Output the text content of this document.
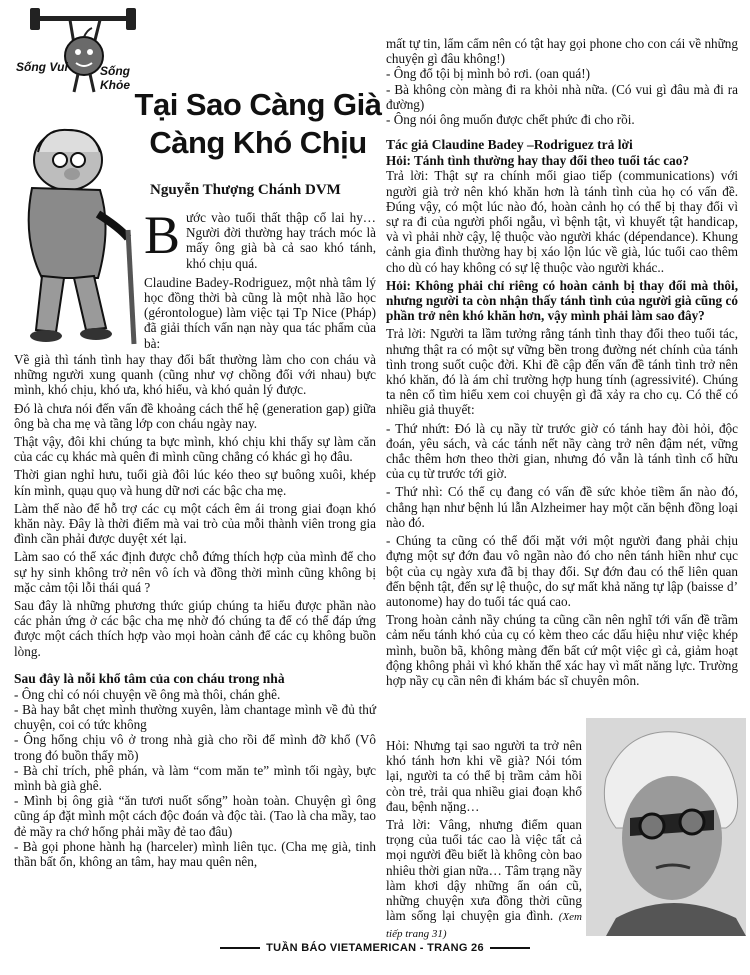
Sống Vui	Sống Khỏe
Tại Sao Càng Già
Càng Khó Chịu
Nguyễn Thượng Chánh DVM

Bước vào tuổi thất thập cổ lai hy…Người đời thường hay trách móc là mấy ông già bà cả sao khó tánh, khó chịu quá.

Claudine Badey-Rodriguez, một nhà tâm lý học đồng thời bà cũng là một nhà lão học (gérontologue) làm việc tại Tp Nice (Pháp) đã giải thích vấn nạn này qua tác phẩm của bà:

Về già thì tánh tình hay thay đổi bất thường làm cho con cháu và những người xung quanh (cũng như vợ chồng đối với nhau) bực mình, khó chịu, khó ưa, khó hiểu, và khó quản lý được.

Đó là chưa nói đến vấn đề khoảng cách thế hệ (generation gap) giữa ông bà cha mẹ và tầng lớp con cháu ngày nay.

Thật vậy, đôi khi chúng ta bực mình, khó chịu khi thấy sự làm căn của các cụ khác mà quên đi mình cũng chẳng có khác gì họ đâu.

Thời gian nghỉ hưu, tuổi già đôi lúc kéo theo sự buông xuôi, khép kín mình, quạu quọ và hung dữ nơi các bậc cha mẹ.

Làm thế nào để hỗ trợ các cụ một cách êm ái trong giai đoạn khó khăn này. Đây là thời điểm mà vai trò của mỗi thành viên trong gia đình cần phải được duyệt xét lại.

Làm sao có thể xác định được chỗ đứng thích hợp của mình để cho sự hy sinh không trở nên vô ích và đồng thời mình cũng không bị mặc cảm tội lỗi thái quá ?

Sau đây là những phương thức giúp chúng ta hiểu được phần nào các phản ứng ở các bậc cha mẹ nhờ đó chúng ta để có thể đáp ứng được một cách thích hợp vào mọi hoàn cảnh để các cụ không buồn lòng.

Sau đây là nỗi khổ tâm của con cháu trong nhà

- Ông chỉ có nói chuyện về ông mà thôi, chán ghê.

- Bà hay bắt chẹt mình thường xuyên, làm chantage mình về đủ thứ chuyện, coi có tức không

- Ông hổng chịu vô ở trong nhà già cho rồi để mình đỡ khổ (Vô trong đó buồn thấy mồ)

- Bà chỉ trích, phê phán, và làm “com măn te” mình tối ngày, bực mình bà già ghê.

- Mình bị ông già “ăn tươi nuốt sống” hoàn toàn. Chuyện gì ông cũng áp đặt mình một cách độc đoán và độc tài. (Tao là cha mầy, tao đẻ mầy ra chớ hổng phải mầy đẻ tao đâu)

- Bà gọi phone hành hạ (harceler) mình liên tục. (Cha mẹ già, tinh thần bất ổn, không an tâm, hay mau quên nên,

mất tự tin, lẩm cẩm nên có tật hay gọi phone cho con cái về những chuyện gì đâu không!)

- Ông đổ tội bị mình bỏ rơi. (oan quá!)

- Bà không còn màng đi ra khỏi nhà nữa. (Có vui gì đâu mà đi ra đường)

- Ông nói ông muốn được chết phức đi cho rồi.

Tác giả Claudine Badey –Rodriguez trả lời

Hỏi: Tánh tình thường hay thay đổi theo tuổi tác cao?

Trả lời: Thật sự ra chính mối giao tiếp (communications) với người già trở nên khó khăn hơn là tánh tình của họ có vấn đề. Đúng vậy, có một lúc nào đó, hoàn cảnh họ có thể bị thay đổi vì sự ra đi của người phối ngẫu, vì bệnh tật, vì khuyết tật handicap, và vì phải nhờ cậy, lệ thuộc vào người khác (dépendance). Khung cảnh gia đình thường hay bị xáo lộn lúc về già, lúc tuổi cao thêm cho dù có hay không có sự lệ thuộc vào người khác..

Hỏi: Không phải chỉ riêng có hoàn cảnh bị thay đổi mà thôi, nhưng người ta còn nhận thấy tánh tình của người già cũng có phần trở nên khó khăn hơn, vậy mình phải làm sao đây?

Trả lời: Người ta lầm tưởng rằng tánh tình thay đổi theo tuổi tác, nhưng thật ra có một sự vững bền trong đường nét chính của tánh tình trong suốt cuộc đời. Khi đề cập đến vấn đề tánh tình trở nên khó khăn, đó là ám chỉ trường hợp hung tính (agressivité). Chúng ta nên cố tìm hiểu xem coi chuyện gì đã xảy ra cho cụ. Có thể có nhiều giả thuyết:

- Thứ nhứt: Đó là cụ nầy từ trước giờ có tánh hay đòi hỏi, độc đoán, yêu sách, và các tánh nết nầy càng trở nên đậm nét, vững chắc thêm hơn theo thời gian, nhưng đó vẫn là tánh tình cố hữu của cụ từ trước tới giờ.

- Thứ nhì: Có thể cụ đang có vấn đề sức khỏe tiềm ẩn nào đó, chẳng hạn như bệnh lú lẫn Alzheimer hay một căn bệnh đồng loại nào đó.

- Chúng ta cũng có thể đối mặt với một người đang phải chịu đựng một sự đớn đau vô ngần nào đó cho nên tánh hiền như cục bột của cụ ngày xưa đã bị thay đổi. Sự đớn đau có thể liên quan đến bệnh tật, đến sự lệ thuộc, do sự mất khả năng tự lập (baisse d’ autonome) hay do tuổi tác quá cao.

Trong hoàn cảnh nầy chúng ta cũng cần nên nghĩ tới vấn đề trầm cảm nếu tánh khó của cụ có kèm theo các dấu hiệu như việc khép mình, buồn bã, không màng đến bất cứ một việc gì cả, giảm hoạt động không phải vì khó khăn thể xác hay vì mất năng lực. Trường hợp nầy cụ cần nên đi khám bác sĩ chuyên môn.

Hỏi: Nhưng tại sao người ta trở nên khó tánh hơn khi về già? Nói tóm lại, người ta có thể bị trầm cảm hồi còn trẻ, trải qua nhiều giai đoạn khổ đau, bệnh nặng…

Trả lời: Vâng, nhưng điểm quan trọng của tuổi tác cao là việc tất cả mọi người đều biết là không còn bao nhiêu thời gian nữa… Tâm trạng nầy làm khơi dậy những ẩn oán cũ, những chuyện xưa đồng thời cũng làm sống lại chuyện gia đình. (Xem tiếp trang 31)

TUẦN BÁO VIETAMERICAN - TRANG 26
